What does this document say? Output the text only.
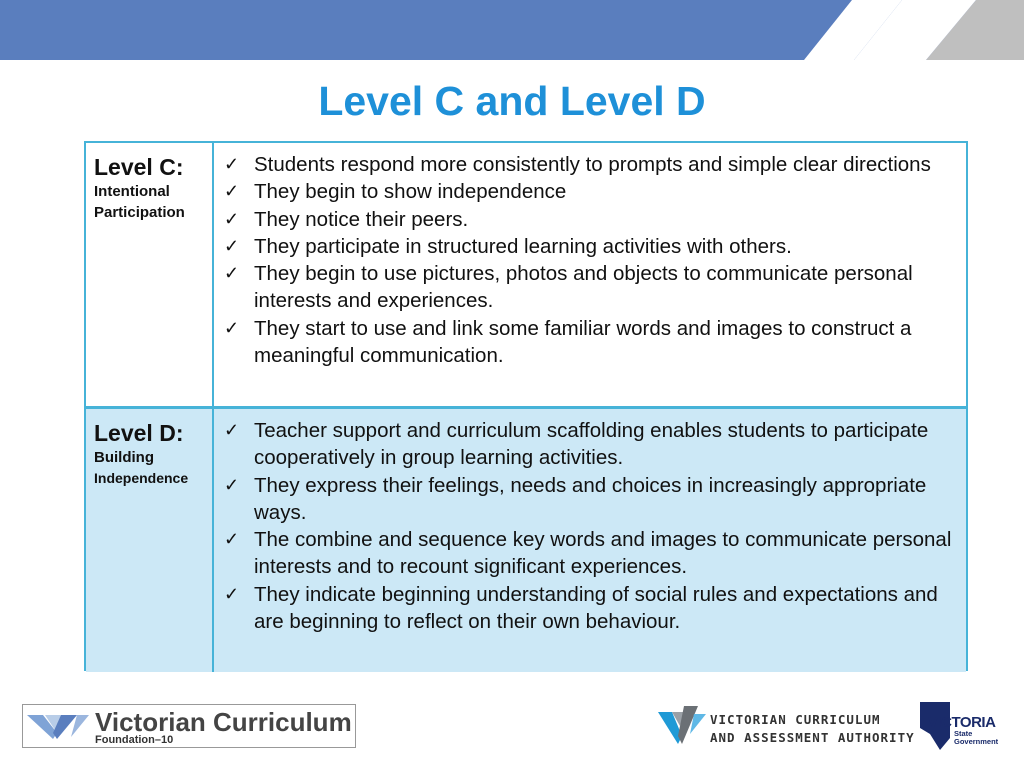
Level C and Level D
Level C:
Intentional
Participation
✓ Students respond more consistently to prompts and simple clear directions
✓ They begin to show independence
✓ They notice their peers.
✓ They participate in structured learning activities with others.
✓ They begin to use pictures, photos and objects to communicate personal interests and experiences.
✓ They start to use and link some familiar words and images to construct a meaningful communication.
Level D:
Building
Independence
✓ Teacher support and curriculum scaffolding enables students to participate cooperatively in group learning activities.
✓ They express their feelings, needs and choices in increasingly appropriate ways.
✓ The combine and sequence key words and images to communicate personal interests and to recount significant experiences.
✓ They indicate beginning understanding of social rules and expectations and are beginning to reflect on their own behaviour.
Victorian Curriculum
Foundation–10
VICTORIAN CURRICULUM
AND ASSESSMENT AUTHORITY
VICTORIA
State
Government
